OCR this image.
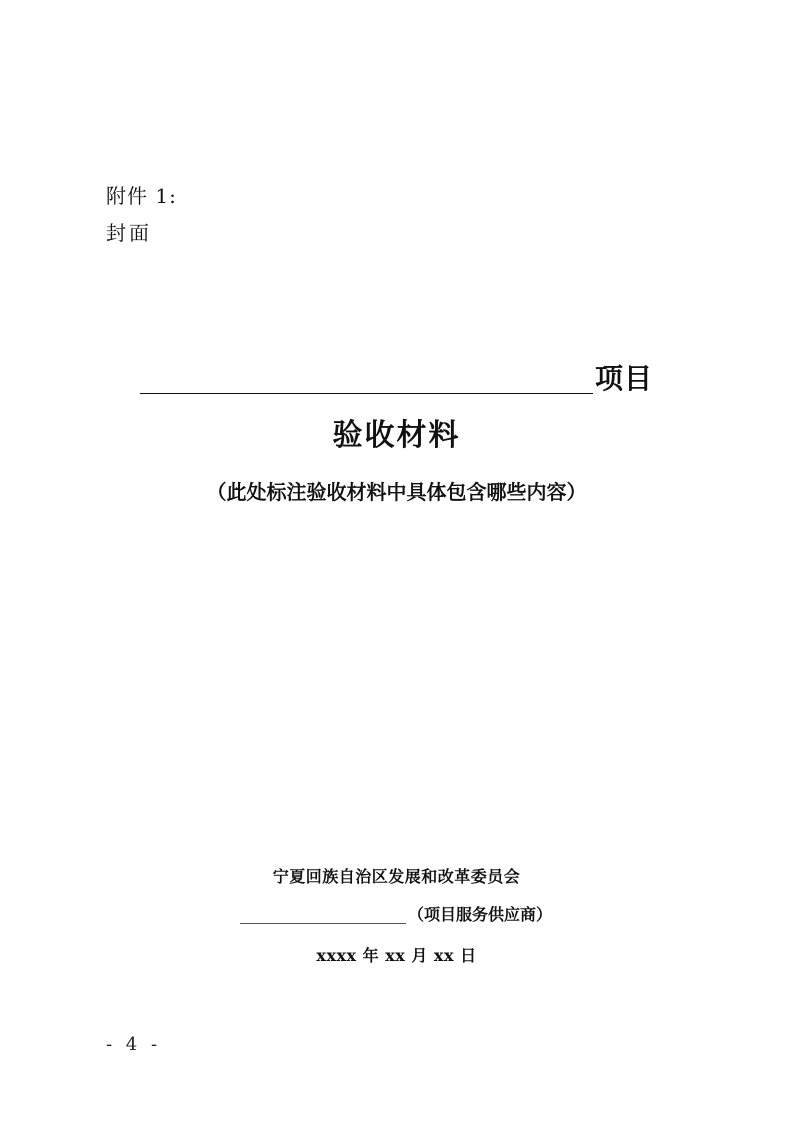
附件 1:
封面
项目
验收材料
（此处标注验收材料中具体包含哪些内容）
宁夏回族自治区发展和改革委员会
（项目服务供应商）
xxxx 年 xx 月 xx 日
- 4 -
